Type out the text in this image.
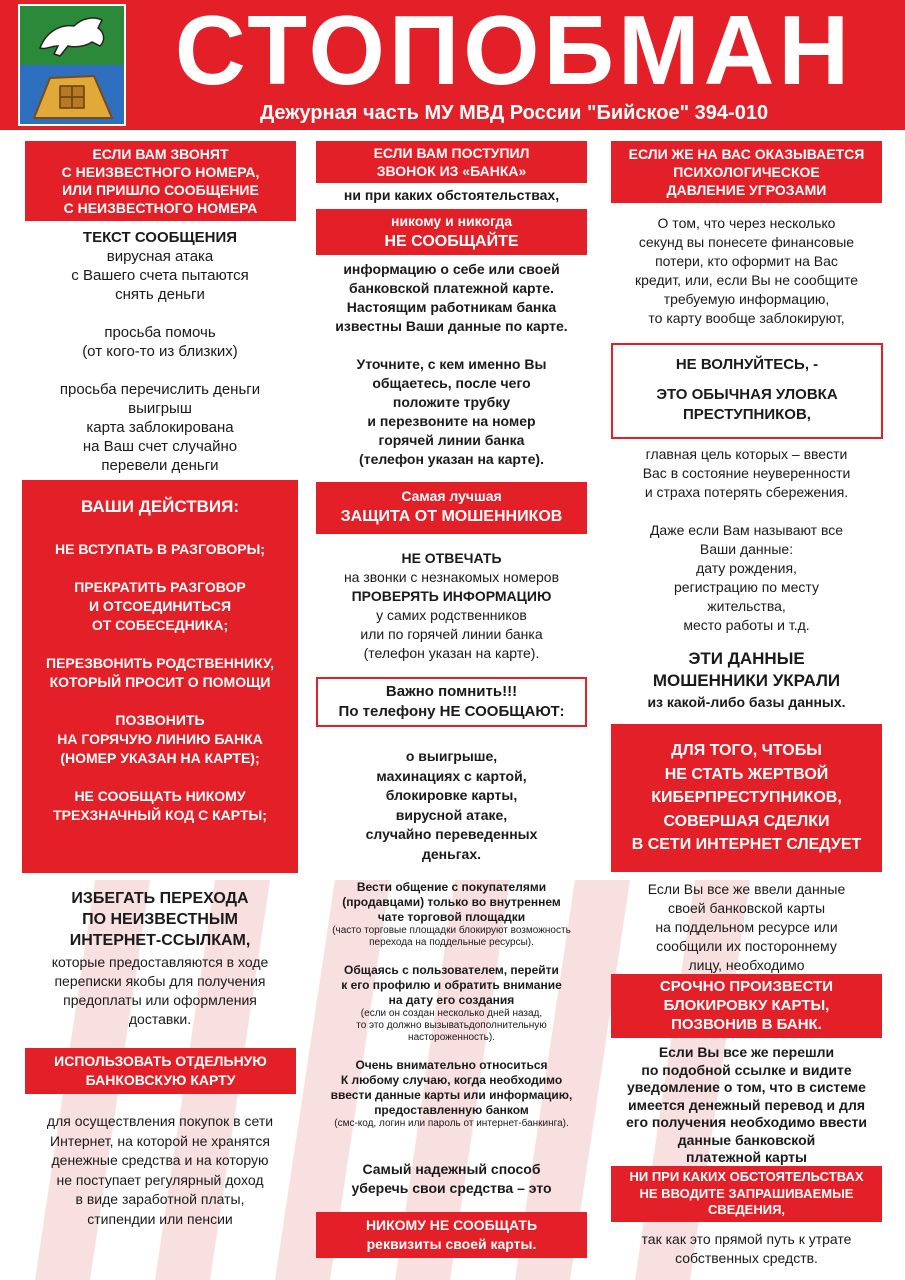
СТОПОБМАН
Дежурная часть МУ МВД России "Бийское" 394-010
ЕСЛИ ВАМ ЗВОНЯТ
С НЕИЗВЕСТНОГО НОМЕРА,
ИЛИ ПРИШЛО СООБЩЕНИЕ
С НЕИЗВЕСТНОГО НОМЕРА
ТЕКСТ СООБЩЕНИЯ
вирусная атака
с Вашего счета пытаются
снять деньги

просьба помочь
(от кого-то из близких)

просьба перечислить деньги
выигрыш
карта заблокирована
на Ваш счет случайно
перевели деньги
ВАШИ ДЕЙСТВИЯ:
НЕ ВСТУПАТЬ В РАЗГОВОРЫ;

ПРЕКРАТИТЬ РАЗГОВОР
И ОТСОЕДИНИТЬСЯ
ОТ СОБЕСЕДНИКА;

ПЕРЕЗВОНИТЬ РОДСТВЕННИКУ,
КОТОРЫЙ ПРОСИТ О ПОМОЩИ

ПОЗВОНИТЬ
НА ГОРЯЧУЮ ЛИНИЮ БАНКА
(НОМЕР УКАЗАН НА КАРТЕ);

НЕ СООБЩАТЬ НИКОМУ
ТРЕХЗНАЧНЫЙ КОД С КАРТЫ;
ИЗБЕГАТЬ ПЕРЕХОДА
ПО НЕИЗВЕСТНЫМ
ИНТЕРНЕТ-ССЫЛКАМ,
которые предоставляются в ходе
переписки якобы для получения
предоплаты или оформления
доставки.
ИСПОЛЬЗОВАТЬ ОТДЕЛЬНУЮ
БАНКОВСКУЮ КАРТУ
для осуществления покупок в сети
Интернет, на которой не хранятся
денежные средства и на которую
не поступает регулярный доход
в виде заработной платы,
стипендии или пенсии
ЕСЛИ ВАМ ПОСТУПИЛ
ЗВОНОК ИЗ «БАНКА»
ни при каких обстоятельствах,
никому и никогда
НЕ СООБЩАЙТЕ
информацию о себе или своей
банковской платежной карте.
Настоящим работникам банка
известны Ваши данные по карте.

Уточните, с кем именно Вы
общаетесь, после чего
положите трубку
и перезвоните на номер
горячей линии банка
(телефон указан на карте).
Самая лучшая
ЗАЩИТА ОТ МОШЕННИКОВ
НЕ ОТВЕЧАТЬ
на звонки с незнакомых номеров
ПРОВЕРЯТЬ ИНФОРМАЦИЮ
у самих родственников
или по горячей линии банка
(телефон указан на карте).
Важно помнить!!!
По телефону НЕ СООБЩАЮТ:
о выигрыше,
махинациях с картой,
блокировке карты,
вирусной атаке,
случайно переведенных
деньгах.
Вести общение с покупателями
(продавцами) только во внутреннем
чате торговой площадки
(часто торговые площадки блокируют возможность
перехода на поддельные ресурсы).
Общаясь с пользователем, перейти
к его профилю и обратить внимание
на дату его создания
(если он создан несколько дней назад,
то это должно вызыватьдополнительную
настороженность).
Очень внимательно относиться
К любому случаю, когда необходимо
ввести данные карты или информацию,
предоставленную банком
(смс-код, логин или пароль от интернет-банкинга).
Самый надежный способ
уберечь свои средства – это
НИКОМУ НЕ СООБЩАТЬ
реквизиты своей карты.
ЕСЛИ ЖЕ НА ВАС ОКАЗЫВАЕТСЯ
ПСИХОЛОГИЧЕСКОЕ
ДАВЛЕНИЕ УГРОЗАМИ
О том, что через несколько
секунд вы понесете финансовые
потери, кто оформит на Вас
кредит, или, если Вы не сообщите
требуемую информацию,
то карту вообще заблокируют,
НЕ ВОЛНУЙТЕСЬ, -
ЭТО ОБЫЧНАЯ УЛОВКА
ПРЕСТУПНИКОВ,
главная цель которых – ввести
Вас в состояние неуверенности
и страха потерять сбережения.

Даже если Вам называют все
Ваши данные:
дату рождения,
регистрацию по месту
жительства,
место работы и т.д.
ЭТИ ДАННЫЕ
МОШЕННИКИ УКРАЛИ
из какой-либо базы данных.
ДЛЯ ТОГО, ЧТОБЫ
НЕ СТАТЬ ЖЕРТВОЙ
КИБЕРПРЕСТУПНИКОВ,
СОВЕРШАЯ СДЕЛКИ
В СЕТИ ИНТЕРНЕТ СЛЕДУЕТ
Если Вы все же ввели данные
своей банковской карты
на поддельном ресурсе или
сообщили их постороннему
лицу, необходимо
СРОЧНО ПРОИЗВЕСТИ
БЛОКИРОВКУ КАРТЫ,
ПОЗВОНИВ В БАНК.
Если Вы все же перешли
по подобной ссылке и видите
уведомление о том, что в системе
имеется денежный перевод и для
его получения необходимо ввести
данные банковской
платежной карты
НИ ПРИ КАКИХ ОБСТОЯТЕЛЬСТВАХ
НЕ ВВОДИТЕ ЗАПРАШИВАЕМЫЕ
СВЕДЕНИЯ,
так как это прямой путь к утрате
собственных средств.
